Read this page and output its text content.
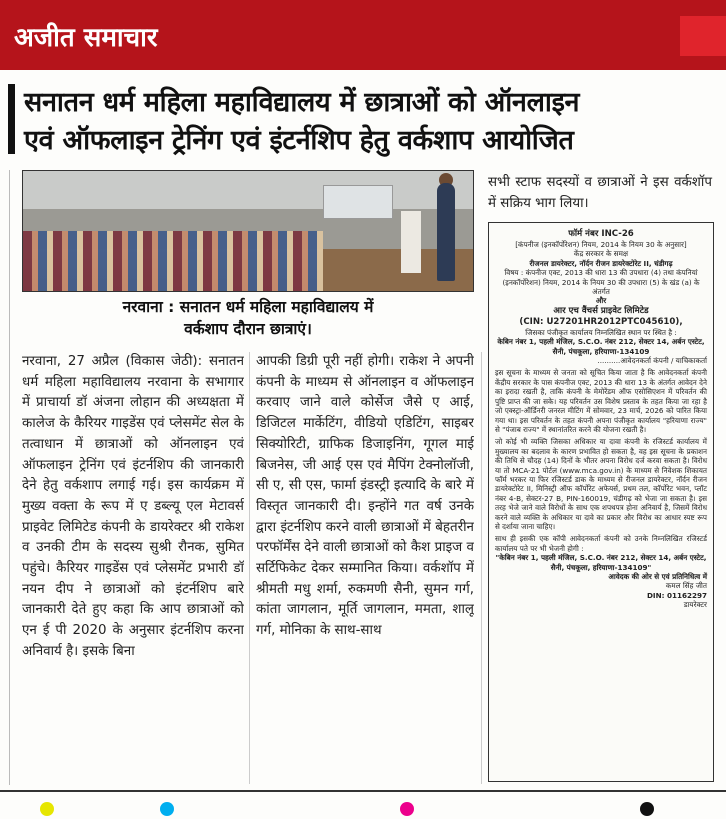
अजीत समाचार
सनातन धर्म महिला महाविद्यालय में छात्राओं को ऑनलाइन
एवं ऑफलाइन ट्रेनिंग एवं इंटर्नशिप हेतु वर्कशाप आयोजित
नरवाना : सनातन धर्म महिला महाविद्यालय में
वर्कशाप दौरान छात्राएं।
नरवाना, 27 अप्रैल (विकास जेठी): सनातन धर्म महिला महाविद्यालय नरवाना के सभागार में प्राचार्या डॉ अंजना लोहान की अध्यक्षता में कालेज के कैरियर गाइडेंस एवं प्लेसमेंट सेल के तत्वाधान में छात्राओं को ऑनलाइन एवं ऑफलाइन ट्रेनिंग एवं इंटर्नशिप की जानकारी देने हेतु वर्कशाप लगाई गई। इस कार्यक्रम में मुख्य वक्ता के रूप में ए डब्ल्यू एल मेटावर्स प्राइवेट लिमिटेड कंपनी के डायरेक्टर श्री राकेश व उनकी टीम के सदस्य सुश्री रौनक, सुमित पहुंचे। कैरियर गाइडेंस एवं प्लेसमेंट प्रभारी डॉ नयन दीप ने छात्राओं को इंटर्नशिप बारे जानकारी देते हुए कहा कि आप छात्राओं को एन ई पी 2020 के अनुसार इंटर्नशिप करना अनिवार्य है। इसके बिना
आपकी डिग्री पूरी नहीं होगी। राकेश ने अपनी कंपनी के माध्यम से ऑनलाइन व ऑफलाइन करवाए जाने वाले कोर्सेज जैसे ए आई, डिजिटल मार्केटिंग, वीडियो एडिटिंग, साइबर सिक्योरिटी, ग्राफिक डिजाइनिंग, गूगल माई बिजनेस, जी आई एस एवं मैपिंग टेक्नोलॉजी, सी ए, सी एस, फार्मा इंडस्ट्री इत्यादि के बारे में विस्तृत जानकारी दी। इन्होंने गत वर्ष उनके द्वारा इंटर्नशिप करने वाली छात्राओं में बेहतरीन परफॉर्मेंस देने वाली छात्राओं को कैश प्राइज व सर्टिफिकेट देकर सम्मानित किया। वर्कशॉप में श्रीमती मधु शर्मा, रुकमणी सैनी, सुमन गर्ग, कांता जागलान, मूर्ति जागलान, ममता, शालू गर्ग, मोनिका के साथ-साथ
सभी स्टाफ सदस्यों व छात्राओं ने इस वर्कशॉप में सक्रिय भाग लिया।
फॉर्म नंबर INC-26
[कंपनीज (इनकॉर्पोरेशन) नियम, 2014 के नियम 30 के अनुसार]
केंद्र सरकार के समक्ष
रीजनल डायरेक्टर, नॉर्दन रीजन डायरेक्टोरेट II, चंडीगढ़
विषय : कंपनीज एक्ट, 2013 की धारा 13 की उपधारा (4) तथा कंपनियां (इनकॉर्पोरेशन) नियम, 2014 के नियम 30 की उपधारा (5) के खंड (a) के अंतर्गत
और
आर एच वैंचर्स प्राइवेट लिमिटेड
(CIN: U27201HR2012PTC045610),
जिसका पंजीकृत कार्यालय निम्नलिखित स्थान पर स्थित है :
केबिन नंबर 1, पहली मंजिल, S.C.O. नंबर 212, सेक्टर 14, अर्बन एस्टेट, सैनी, पंचकूला, हरियाणा-134109
..........आवेदनकर्ता कंपनी / याचिकाकर्ता
इस सूचना के माध्यम से जनता को सूचित किया जाता है कि आवेदनकर्ता कंपनी केंद्रीय सरकार के पास कंपनीज एक्ट, 2013 की धारा 13 के अंतर्गत आवेदन देने का इरादा रखती है, ताकि कंपनी के मेमोरेंडम ऑफ एसोसिएशन में परिवर्तन की पुष्टि प्राप्त की जा सके। यह परिवर्तन उस विशेष प्रस्ताव के तहत किया जा रहा है जो एक्स्ट्रा-ऑर्डिनरी जनरल मीटिंग में सोमवार, 23 मार्च, 2026 को पारित किया गया था। इस परिवर्तन के तहत कंपनी अपना पंजीकृत कार्यालय "हरियाणा राज्य" से "पंजाब राज्य" में स्थानांतरित करने की योजना रखती है।
जो कोई भी व्यक्ति जिसका अधिकार या दावा कंपनी के रजिस्टर्ड कार्यालय में मुख्यालय का बदलाव के कारण प्रभावित हो सकता है, वह इस सूचना के प्रकाशन की तिथि से चौदह (14) दिनों के भीतर अपना विरोध दर्ज करवा सकता है। विरोध या तो MCA-21 पोर्टल (www.mca.gov.in) के माध्यम से निवेशक शिकायत फॉर्म भरकर या फिर रजिस्टर्ड डाक के माध्यम से रीजनल डायरेक्टर, नॉर्दन रीजन डायरेक्टोरेट II, मिनिस्ट्री ऑफ कॉर्पोरेट अफेयर्स, प्रथम तल, कॉर्पोरेट भवन, प्लॉट नंबर 4-B, सेक्टर-27 B, PIN-160019, चंडीगढ़ को भेजा जा सकता है। इस तरह भेजे जाने वाले विरोधों के साथ एक शपथपत्र होना अनिवार्य है, जिसमें विरोध करने वाले व्यक्ति के अधिकार या दावे का प्रकार और विरोध का आधार स्पष्ट रूप से दर्शाया जाना चाहिए।
साथ ही इसकी एक कॉपी आवेदनकर्ता कंपनी को उनके निम्नलिखित रजिस्टर्ड कार्यालय पते पर भी भेजनी होगी :
"केबिन नंबर 1, पहली मंजिल, S.C.O. नंबर 212, सेक्टर 14, अर्बन एस्टेट, सैनी, पंचकूला, हरियाणा-134109"
आवेदक की ओर से एवं प्रतिनिधित्व में
कमल सिंह जीत
DIN: 01162297
डायरेक्टर
